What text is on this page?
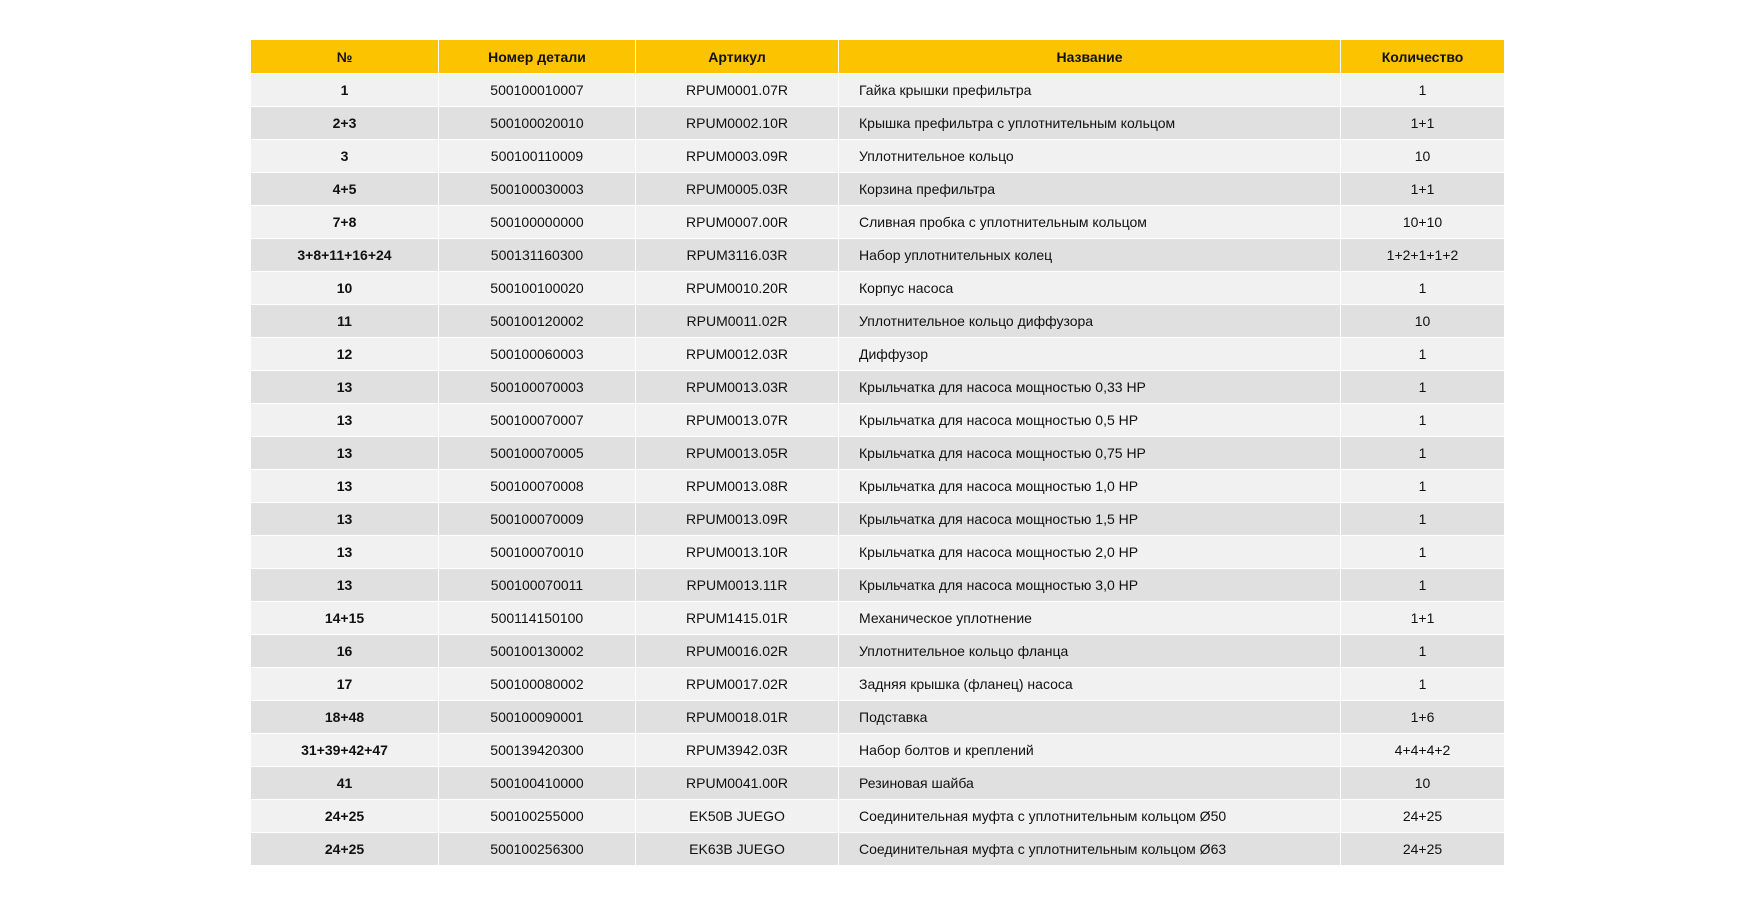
№	Номер детали	Артикул	Название	Количество
1	500100010007	RPUM0001.07R	Гайка крышки префильтра	1
2+3	500100020010	RPUM0002.10R	Крышка префильтра с уплотнительным кольцом	1+1
3	500100110009	RPUM0003.09R	Уплотнительное кольцо	10
4+5	500100030003	RPUM0005.03R	Корзина префильтра	1+1
7+8	500100000000	RPUM0007.00R	Сливная пробка с уплотнительным кольцом	10+10
3+8+11+16+24	500131160300	RPUM3116.03R	Набор уплотнительных колец	1+2+1+1+2
10	500100100020	RPUM0010.20R	Корпус насоса	1
11	500100120002	RPUM0011.02R	Уплотнительное кольцо диффузора	10
12	500100060003	RPUM0012.03R	Диффузор	1
13	500100070003	RPUM0013.03R	Крыльчатка для насоса мощностью 0,33 HP	1
13	500100070007	RPUM0013.07R	Крыльчатка для насоса мощностью 0,5 HP	1
13	500100070005	RPUM0013.05R	Крыльчатка для насоса мощностью 0,75 HP	1
13	500100070008	RPUM0013.08R	Крыльчатка для насоса мощностью 1,0 HP	1
13	500100070009	RPUM0013.09R	Крыльчатка для насоса мощностью 1,5 HP	1
13	500100070010	RPUM0013.10R	Крыльчатка для насоса мощностью 2,0 HP	1
13	500100070011	RPUM0013.11R	Крыльчатка для насоса мощностью 3,0 HP	1
14+15	500114150100	RPUM1415.01R	Механическое уплотнение	1+1
16	500100130002	RPUM0016.02R	Уплотнительное кольцо фланца	1
17	500100080002	RPUM0017.02R	Задняя крышка (фланец) насоса	1
18+48	500100090001	RPUM0018.01R	Подставка	1+6
31+39+42+47	500139420300	RPUM3942.03R	Набор болтов и креплений	4+4+4+2
41	500100410000	RPUM0041.00R	Резиновая шайба	10
24+25	500100255000	EK50B JUEGO	Соединительная муфта с уплотнительным кольцом Ø50	24+25
24+25	500100256300	EK63B JUEGO	Соединительная муфта с уплотнительным кольцом Ø63	24+25
